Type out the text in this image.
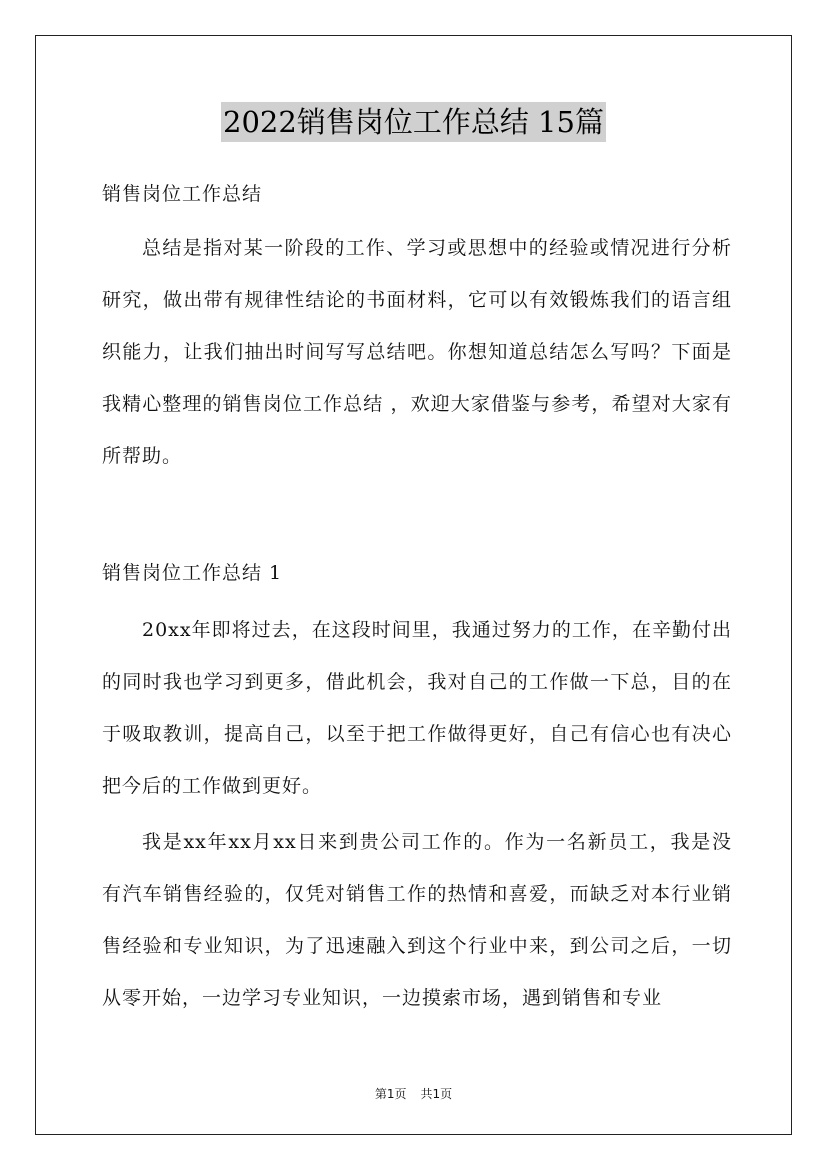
2022销售岗位工作总结 15篇
销售岗位工作总结
总结是指对某一阶段的工作、学习或思想中的经验或情况进行分析研究，做出带有规律性结论的书面材料，它可以有效锻炼我们的语言组织能力，让我们抽出时间写写总结吧。你想知道总结怎么写吗？下面是我精心整理的销售岗位工作总结 ，欢迎大家借鉴与参考，希望对大家有所帮助。
销售岗位工作总结 1
20xx年即将过去，在这段时间里，我通过努力的工作，在辛勤付出的同时我也学习到更多，借此机会，我对自己的工作做一下总，目的在于吸取教训，提高自己，以至于把工作做得更好，自己有信心也有决心把今后的工作做到更好。
我是xx年xx月xx日来到贵公司工作的。作为一名新员工，我是没有汽车销售经验的，仅凭对销售工作的热情和喜爱，而缺乏对本行业销售经验和专业知识，为了迅速融入到这个行业中来，到公司之后，一切从零开始，一边学习专业知识，一边摸索市场，遇到销售和专业
第1页 共1页
